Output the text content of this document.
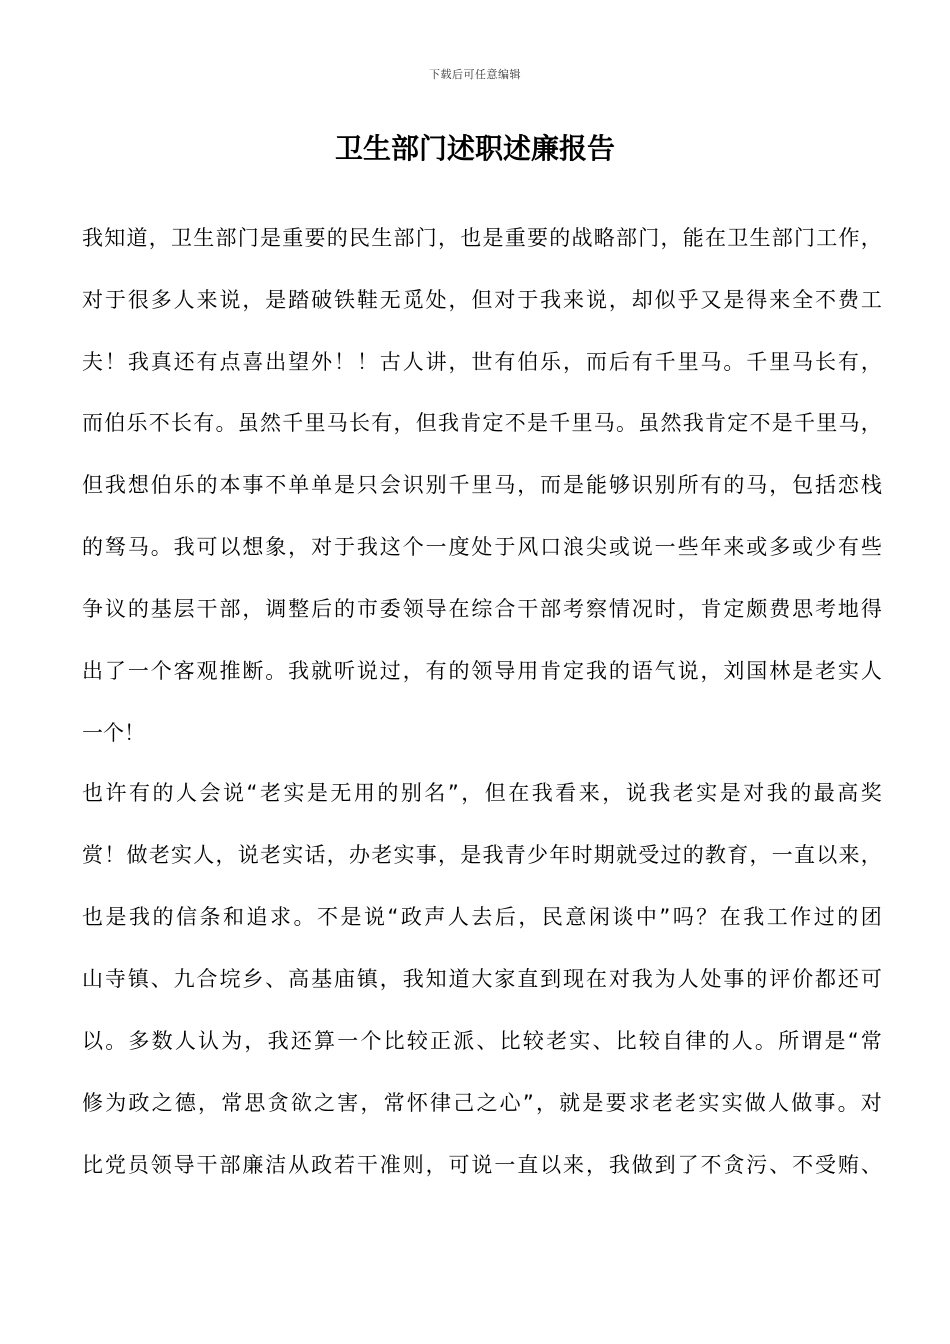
下载后可任意编辑
卫生部门述职述廉报告
我 知 道 ， 卫 生 部 门 是 重 要 的 民 生 部 门 ， 也 是 重 要 的 战 略 部 门 ， 能 在 卫 生 部 门 工 作 ，
对 于 很 多 人 来 说 ， 是 踏 破 铁 鞋 无 觅 处 ， 但 对 于 我 来 说 ， 却 似 乎 又 是 得 来 全 不 费 工
夫 ！ 我 真 还 有 点 喜 出 望 外 ！ ！ 古 人 讲 ， 世 有 伯 乐 ， 而 后 有 千 里 马 。 千 里 马 长 有 ，
而 伯 乐 不 长 有 。 虽 然 千 里 马 长 有 ， 但 我 肯 定 不 是 千 里 马 。 虽 然 我 肯 定 不 是 千 里 马 ，
但 我 想 伯 乐 的 本 事 不 单 单 是 只 会 识 别 千 里 马 ， 而 是 能 够 识 别 所 有 的 马 ， 包 括 恋 栈
的 驽 马 。 我 可 以 想 象 ， 对 于 我 这 个 一 度 处 于 风 口 浪 尖 或 说 一 些 年 来 或 多 或 少 有 些
争 议 的 基 层 干 部 ， 调 整 后 的 市 委 领 导 在 综 合 干 部 考 察 情 况 时 ， 肯 定 颇 费 思 考 地 得
出 了 一 个 客 观 推 断 。 我 就 听 说 过 ， 有 的 领 导 用 肯 定 我 的 语 气 说 ， 刘 国 林 是 老 实 人
一个！
也 许 有 的 人 会 说 “ 老 实 是 无 用 的 别 名 ” ， 但 在 我 看 来 ， 说 我 老 实 是 对 我 的 最 高 奖
赏 ！ 做 老 实 人 ， 说 老 实 话 ， 办 老 实 事 ， 是 我 青 少 年 时 期 就 受 过 的 教 育 ， 一 直 以 来 ，
也 是 我 的 信 条 和 追 求 。 不 是 说 “ 政 声 人 去 后 ， 民 意 闲 谈 中 ” 吗 ？ 在 我 工 作 过 的 团
山 寺 镇 、 九 合 垸 乡 、 高 基 庙 镇 ， 我 知 道 大 家 直 到 现 在 对 我 为 人 处 事 的 评 价 都 还 可
以 。 多 数 人 认 为 ， 我 还 算 一 个 比 较 正 派 、 比 较 老 实 、 比 较 自 律 的 人 。 所 谓 是 “ 常
修 为 政 之 德 ， 常 思 贪 欲 之 害 ， 常 怀 律 己 之 心 ” ， 就 是 要 求 老 老 实 实 做 人 做 事 。 对
比 党 员 领 导 干 部 廉 洁 从 政 若 干 准 则 ， 可 说 一 直 以 来 ， 我 做 到 了 不 贪 污 、 不 受 贿 、
